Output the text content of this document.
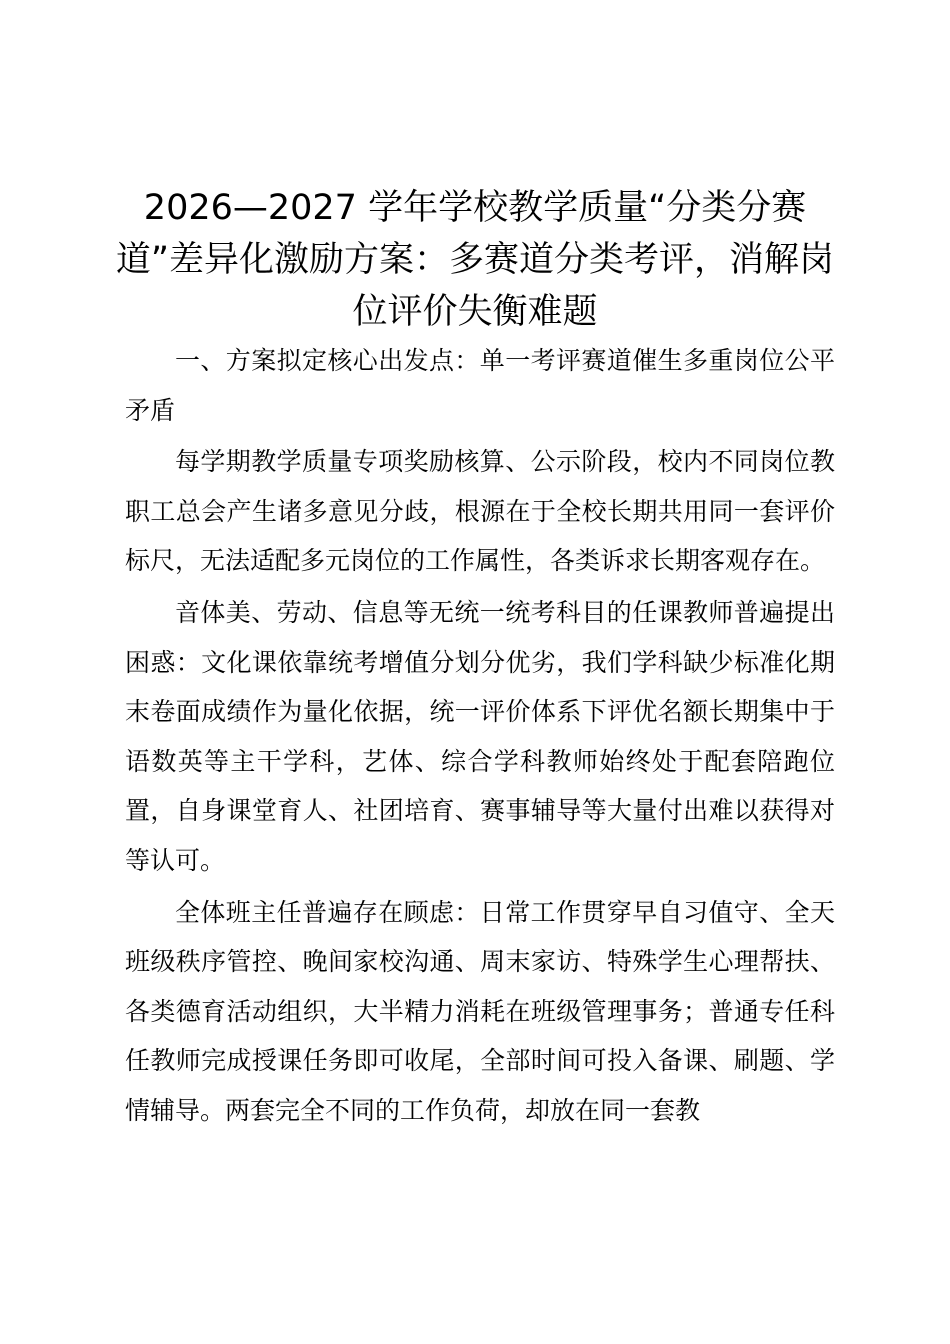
2026—2027 学年学校教学质量“分类分赛道”差异化激励方案：多赛道分类考评，消解岗位评价失衡难题

一、方案拟定核心出发点：单一考评赛道催生多重岗位公平矛盾

每学期教学质量专项奖励核算、公示阶段，校内不同岗位教职工总会产生诸多意见分歧，根源在于全校长期共用同一套评价标尺，无法适配多元岗位的工作属性，各类诉求长期客观存在。

音体美、劳动、信息等无统一统考科目的任课教师普遍提出困惑：文化课依靠统考增值分划分优劣，我们学科缺少标准化期末卷面成绩作为量化依据，统一评价体系下评优名额长期集中于语数英等主干学科，艺体、综合学科教师始终处于配套陪跑位置，自身课堂育人、社团培育、赛事辅导等大量付出难以获得对等认可。

全体班主任普遍存在顾虑：日常工作贯穿早自习值守、全天班级秩序管控、晚间家校沟通、周末家访、特殊学生心理帮扶、各类德育活动组织，大半精力消耗在班级管理事务；普通专任科任教师完成授课任务即可收尾，全部时间可投入备课、刷题、学情辅导。两套完全不同的工作负荷，却放在同一套教
